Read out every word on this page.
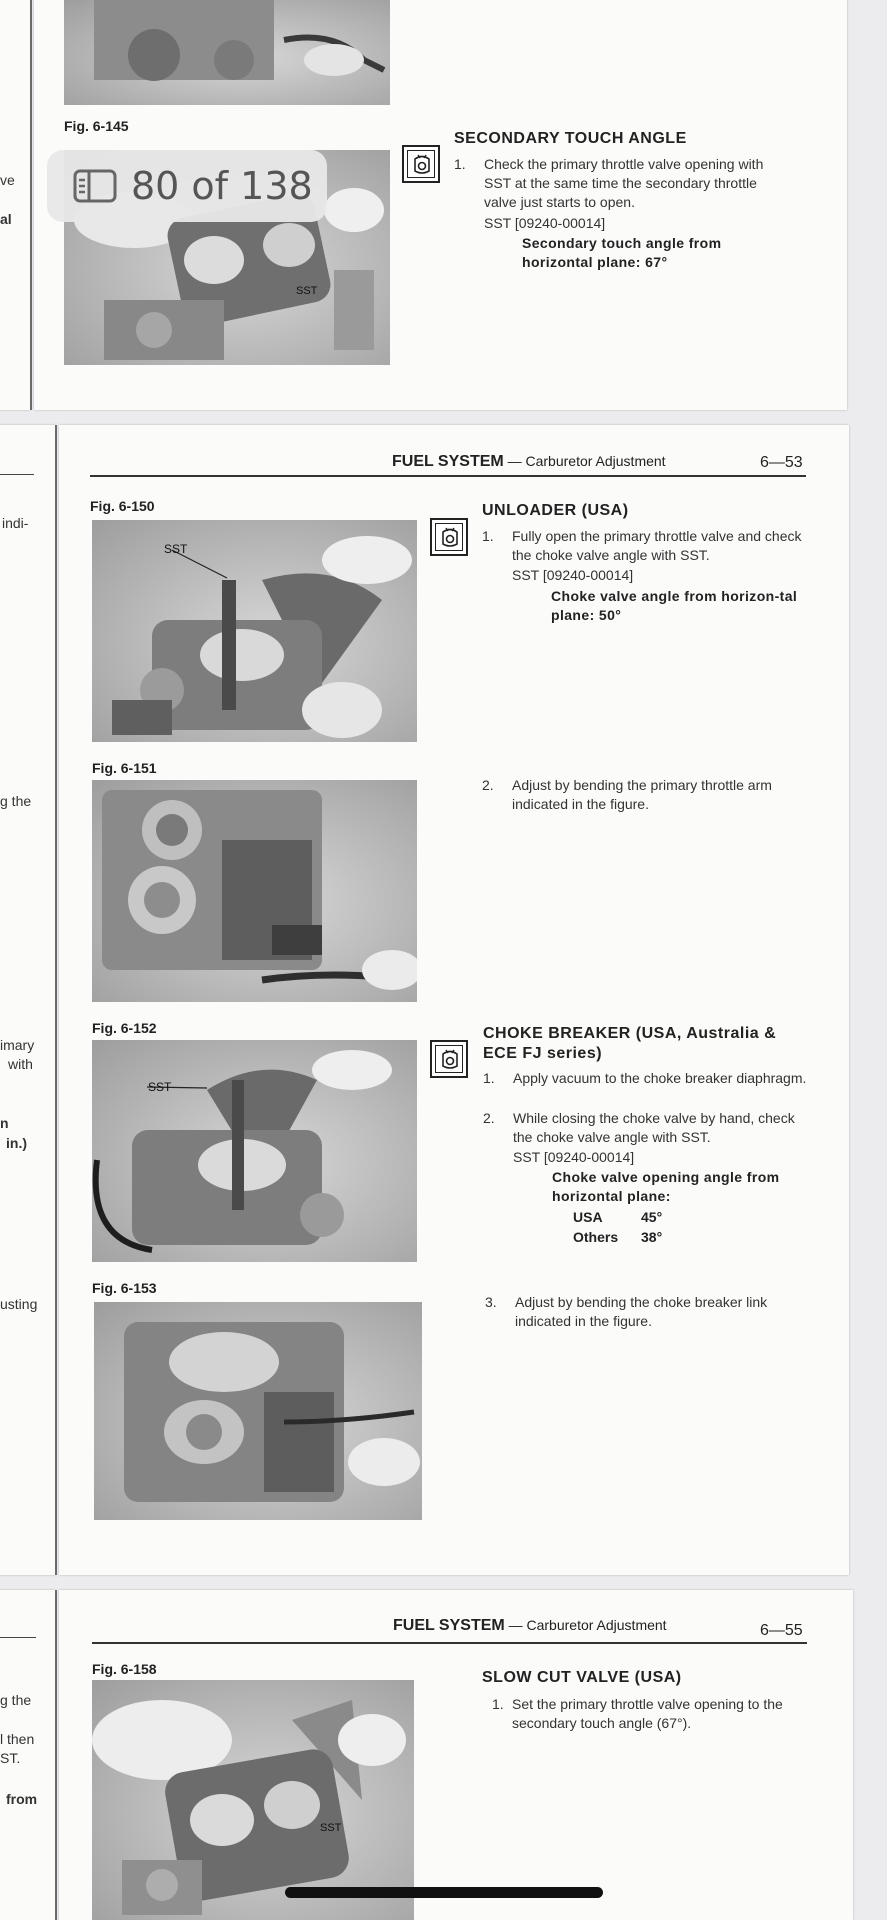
ve
al
Fig. 6-145
SST
SECONDARY TOUCH ANGLE
1. Check the primary throttle valve opening with SST at the same time the secondary throttle valve just starts to open.
SST [09240-00014]
Secondary touch angle from horizontal plane: 67°
80 of 138
indi-
g the
imary
with
n
in.)
usting
FUEL SYSTEM — Carburetor Adjustment	6—53
Fig. 6-150
SST
UNLOADER (USA)
1. Fully open the primary throttle valve and check the choke valve angle with SST.
SST [09240-00014]
Choke valve angle from horizon-tal plane: 50°
Fig. 6-151
2. Adjust by bending the primary throttle arm indicated in the figure.
Fig. 6-152
SST
CHOKE BREAKER (USA, Australia & ECE FJ series)
1. Apply vacuum to the choke breaker diaphragm.
2. While closing the choke valve by hand, check the choke valve angle with SST.
SST [09240-00014]
Choke valve opening angle from horizontal plane:
USA	45°
Others 38°
Fig. 6-153
3. Adjust by bending the choke breaker link indicated in the figure.
g the
l then
ST.
from
FUEL SYSTEM — Carburetor Adjustment	6—55
Fig. 6-158
SST
SLOW CUT VALVE (USA)
1. Set the primary throttle valve opening to the secondary touch angle (67°).
